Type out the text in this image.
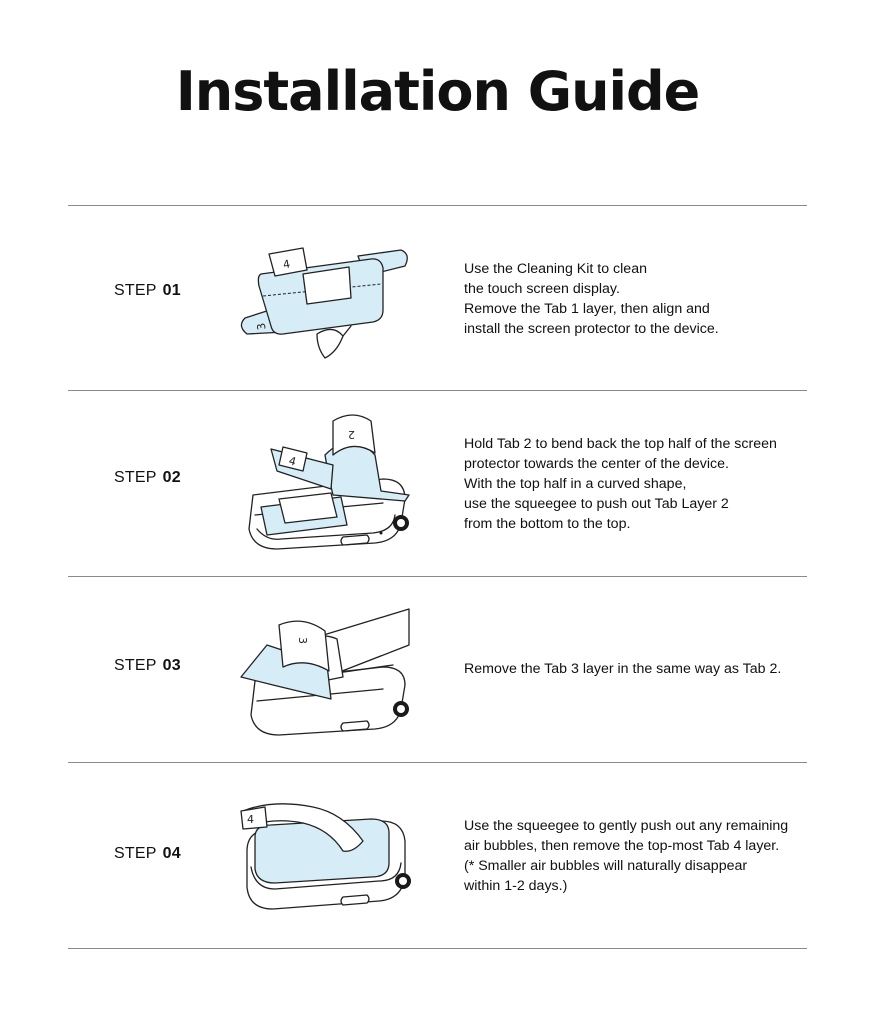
Installation Guide
STEP 01
3
4	Use the Cleaning Kit to clean
the touch screen display.
Remove the Tab 1 layer, then align and
install the screen protector to the device.
STEP 02
2
4
Hold Tab 2 to bend back the top half of the screen
protector towards the center of the device.
With the top half in a curved shape,
use the squeegee to push out Tab Layer 2
from the bottom to the top.
STEP 03
3
Remove the Tab 3 layer in the same way as Tab 2.
STEP 04
4	Use the squeegee to gently push out any remaining
air bubbles, then remove the top-most Tab 4 layer.
(* Smaller air bubbles will naturally disappear
within 1-2 days.)
